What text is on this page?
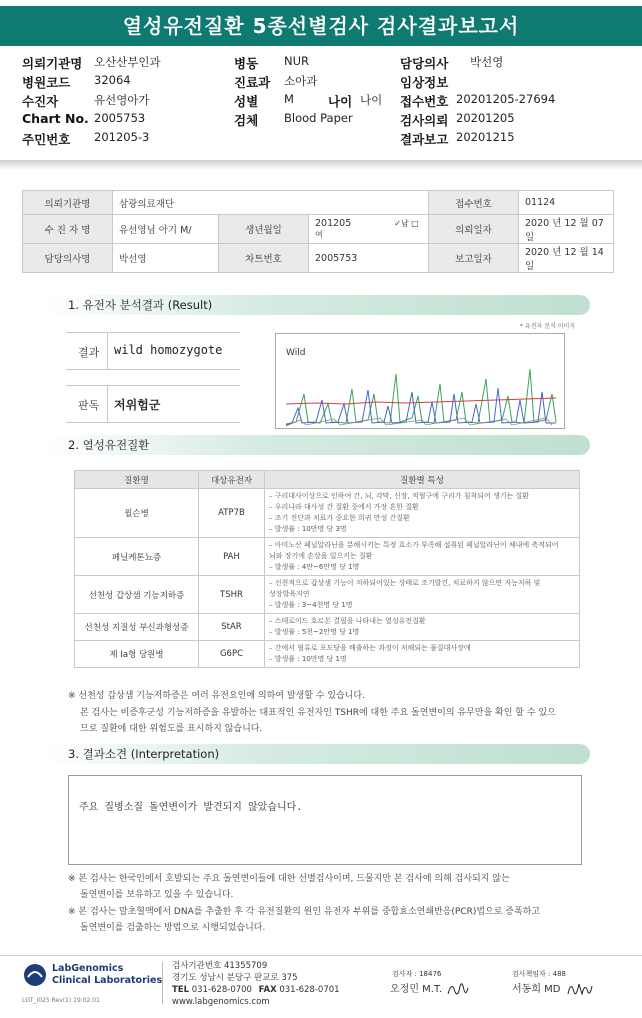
열성유전질환 5종선별검사 검사결과보고서
의뢰기관명 오산산부인과	병동 NUR	담당의사 박선영
병원코드 32064	진료과 소아과	임상정보
수진자	유선영아가	성별 M	나이 나이 접수번호 20201205-27694
Chart No. 2005753	검체 Blood Paper	검사의뢰 20201205
주민번호 201205-3	결과보고 20201215
의뢰기관명	삼광의료재단			접수번호	01124
수 진 자 명	유선영님 아기 M/	생년월일	201205 ✓남 □여	의뢰일자	2020 년 12 월 07 일
담당의사명	박선영	차트번호	2005753	보고일자	2020 년 12 월 14 일
1. 유전자 분석결과 (Result)
* 유전자 분석 이미지
결과 wild homozygote
판독 저위험군
Wild
2. 열성유전질환
질환명	대상유전자	질환별 특성
윌슨병	ATP7B	– 구리대사이상으로 인하여 간, 뇌, 각막, 신장, 적혈구에 구리가 침착되어 생기는 질환
– 우리나라 대사성 간 질환 중에서 가장 흔한 질환
– 조기 진단과 치료가 중요한 희귀 만성 간질환
– 발생률 : 10만명 당 3명

페닐케톤뇨증	PAH	– 아미노산 페닐알라닌을 분해시키는 특정 효소가 부족해 섭취된 페닐알라닌이 체내에 축적되어
뇌와 장기에 손상을 일으키는 질환
– 발생률 : 4만~6만명 당 1명

선천성 갑상샘 기능저하증	TSHR	– 선천적으로 갑상샘 기능이 저하되어있는 상태로 조기발견, 치료하지 않으면 지능저하 및
성장발육지연
– 발생률 : 3~4천명 당 1명

선천성 지질성 부신과형성증	StAR	– 스테로이드 호르몬 결핍을 나타내는 열성유전질환
– 발생률 : 5천~2만명 당 1명

제 Ia형 당원병	G6PC	– 간에서 혈류로 포도당을 배출하는 과정이 저해되는 물질대사장애
– 발생률 : 10만명 당 1명
※ 선천성 갑상샘 기능저하증은 여러 유전요인에 의하여 발생할 수 있습니다.
본 검사는 비증후군성 기능저하증을 유발하는 대표적인 유전자인 TSHR에 대한 주요 돌연변이의 유무만을 확인 할 수 있으
므로 질환에 대한 위험도를 표시하지 않습니다.
3. 결과소견 (Interpretation)
주요 질병소질 돌연변이가 발견되지 않았습니다.
※ 본 검사는 한국인에서 호발되는 주요 돌연변이들에 대한 선별검사이며, 드물지만 본 검사에 의해 검사되지 않는
돌연변이를 보유하고 있을 수 있습니다.
※ 본 검사는 말초혈액에서 DNA를 추출한 후 각 유전질환의 원인 유전자 부위를 중합효소연쇄반응(PCR)법으로 증폭하고
돌연변이를 검출하는 방법으로 시행되었습니다.
LabGenomics
Clinical Laboratories
LGT_I025 Rev(1) 19.02.01
검사기관번호 41355709
경기도 성남시 분당구 판교로 375
TEL 031-628-0700 FAX 031-628-0701
www.labgenomics.com
검사자 : 18476
오정민 M.T.
검사책임자 : 488
서동희 MD
